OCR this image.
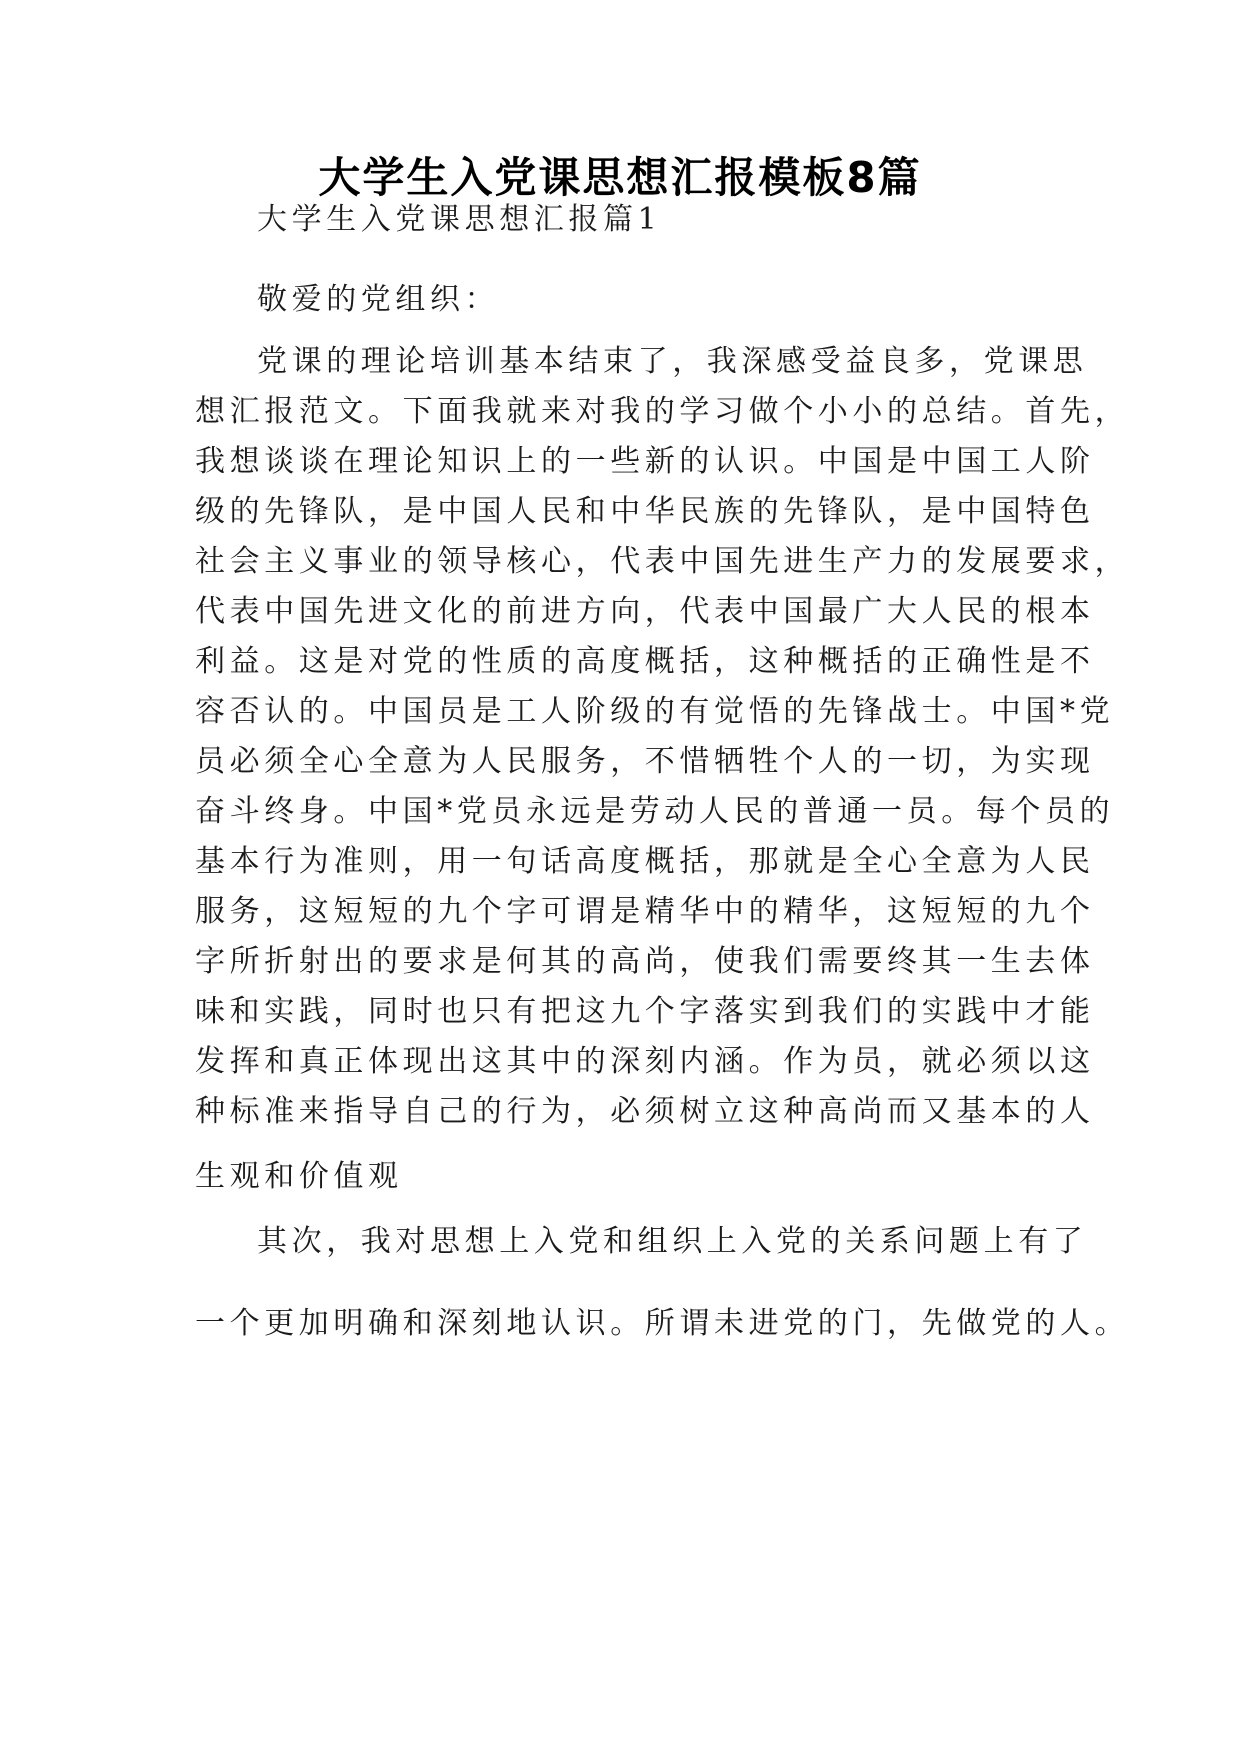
大学生入党课思想汇报模板8篇
大学生入党课思想汇报篇1
敬爱的党组织：
党课的理论培训基本结束了，我深感受益良多，党课思
想汇报范文。下面我就来对我的学习做个小小的总结。首先，
我想谈谈在理论知识上的一些新的认识。中国是中国工人阶
级的先锋队，是中国人民和中华民族的先锋队，是中国特色
社会主义事业的领导核心，代表中国先进生产力的发展要求，
代表中国先进文化的前进方向，代表中国最广大人民的根本
利益。这是对党的性质的高度概括，这种概括的正确性是不
容否认的。中国员是工人阶级的有觉悟的先锋战士。中国*党
员必须全心全意为人民服务，不惜牺牲个人的一切，为实现
奋斗终身。中国*党员永远是劳动人民的普通一员。每个员的
基本行为准则，用一句话高度概括，那就是全心全意为人民
服务，这短短的九个字可谓是精华中的精华，这短短的九个
字所折射出的要求是何其的高尚，使我们需要终其一生去体
味和实践，同时也只有把这九个字落实到我们的实践中才能
发挥和真正体现出这其中的深刻内涵。作为员，就必须以这
种标准来指导自己的行为，必须树立这种高尚而又基本的人
生观和价值观
其次，我对思想上入党和组织上入党的关系问题上有了
一个更加明确和深刻地认识。所谓未进党的门，先做党的人。
